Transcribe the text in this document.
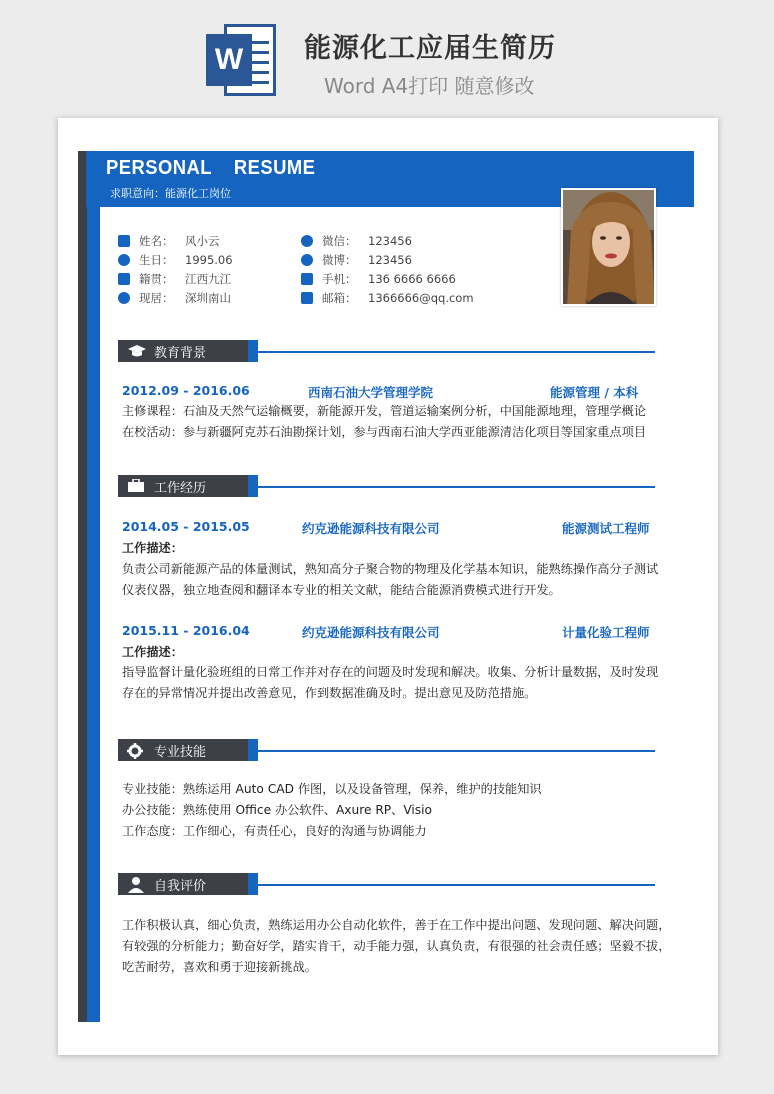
W	能源化工应届生简历
Word A4打印 随意修改
PERSONAL    RESUME
求职意向：能源化工岗位
姓名：	风小云
生日：	1995.06
籍贯：	江西九江
现居：	深圳南山
微信：	123456
微博：	123456
手机：	136 6666 6666
邮箱：	1366666@qq.com
教育背景
2012.09 - 2016.06	西南石油大学管理学院	能源管理 / 本科
主修课程：石油及天然气运输概要，新能源开发，管道运输案例分析，中国能源地理，管理学概论
在校活动：参与新疆阿克苏石油勘探计划，参与西南石油大学西亚能源清洁化项目等国家重点项目
工作经历
2014.05 - 2015.05	约克逊能源科技有限公司	能源测试工程师
工作描述：
负责公司新能源产品的体量测试，熟知高分子聚合物的物理及化学基本知识，能熟练操作高分子测试
仪表仪器，独立地查阅和翻译本专业的相关文献，能结合能源消费模式进行开发。
2015.11 - 2016.04	约克逊能源科技有限公司	计量化验工程师
工作描述：
指导监督计量化验班组的日常工作并对存在的问题及时发现和解决。收集、分析计量数据，及时发现
存在的异常情况并提出改善意见，作到数据准确及时。提出意见及防范措施。
专业技能
专业技能：熟练运用 Auto CAD 作图，以及设备管理，保养，维护的技能知识
办公技能：熟练使用 Office 办公软件、Axure RP、Visio
工作态度：工作细心，有责任心，良好的沟通与协调能力
自我评价
工作积极认真，细心负责，熟练运用办公自动化软件，善于在工作中提出问题、发现问题、解决问题，
有较强的分析能力；勤奋好学，踏实肯干，动手能力强，认真负责，有很强的社会责任感；坚毅不拔，
吃苦耐劳，喜欢和勇于迎接新挑战。
